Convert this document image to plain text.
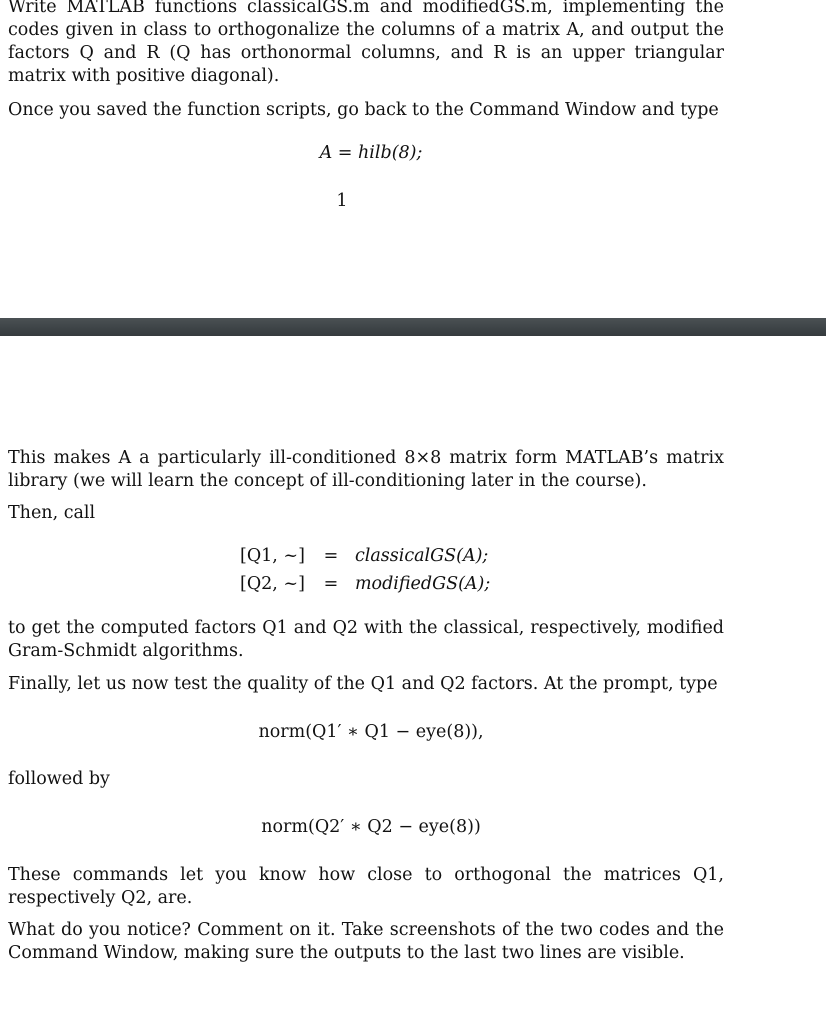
Write MATLAB functions classicalGS.m and modifiedGS.m, implementing the codes given in class to orthogonalize the columns of a matrix A, and output the factors Q and R (Q has orthonormal columns, and R is an upper triangular matrix with positive diagonal).

Once you saved the function scripts, go back to the Command Window and type

A = hilb(8);

1

This makes A a particularly ill-conditioned 8×8 matrix form MATLAB’s matrix library (we will learn the concept of ill-conditioning later in the course).

Then, call

[Q1, ~]	=	classicalGS(A);
[Q2, ~]	=	modifiedGS(A);

to get the computed factors Q1 and Q2 with the classical, respectively, modified Gram-Schmidt algorithms.

Finally, let us now test the quality of the Q1 and Q2 factors. At the prompt, type

norm(Q1′ ∗ Q1 − eye(8)),

followed by

norm(Q2′ ∗ Q2 − eye(8))

These commands let you know how close to orthogonal the matrices Q1, respectively Q2, are.

What do you notice? Comment on it. Take screenshots of the two codes and the Command Window, making sure the outputs to the last two lines are visible.
